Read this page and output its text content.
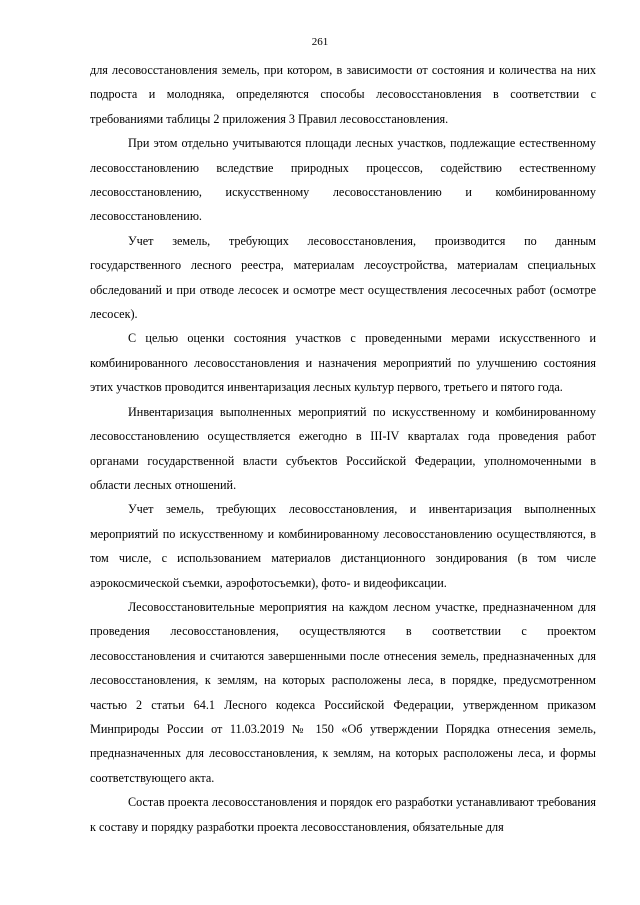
261

для лесовосстановления земель, при котором, в зависимости от состояния и количества на них подроста и молодняка, определяются способы лесовосстановления в соответствии с требованиями таблицы 2 приложения 3 Правил лесовосстановления.

При этом отдельно учитываются площади лесных участков, подлежащие естественному лесовосстановлению вследствие природных процессов, содействию естественному лесовосстановлению, искусственному лесовосстановлению и комбинированному лесовосстановлению.

Учет земель, требующих лесовосстановления, производится по данным государственного лесного реестра, материалам лесоустройства, материалам специальных обследований и при отводе лесосек и осмотре мест осуществления лесосечных работ (осмотре лесосек).

С целью оценки состояния участков с проведенными мерами искусственного и комбинированного лесовосстановления и назначения мероприятий по улучшению состояния этих участков проводится инвентаризация лесных культур первого, третьего и пятого года.

Инвентаризация выполненных мероприятий по искусственному и комбинированному лесовосстановлению осуществляется ежегодно в III-IV кварталах года проведения работ органами государственной власти субъектов Российской Федерации, уполномоченными в области лесных отношений.

Учет земель, требующих лесовосстановления, и инвентаризация выполненных мероприятий по искусственному и комбинированному лесовосстановлению осуществляются, в том числе, с использованием материалов дистанционного зондирования (в том числе аэрокосмической съемки, аэрофотосъемки), фото- и видеофиксации.

Лесовосстановительные мероприятия на каждом лесном участке, предназначенном для проведения лесовосстановления, осуществляются в соответствии с проектом лесовосстановления и считаются завершенными после отнесения земель, предназначенных для лесовосстановления, к землям, на которых расположены леса, в порядке, предусмотренном частью 2 статьи 64.1 Лесного кодекса Российской Федерации, утвержденном приказом Минприроды России от 11.03.2019 № 150 «Об утверждении Порядка отнесения земель, предназначенных для лесовосстановления, к землям, на которых расположены леса, и формы соответствующего акта.

Состав проекта лесовосстановления и порядок его разработки устанавливают требования к составу и порядку разработки проекта лесовосстановления, обязательные для
